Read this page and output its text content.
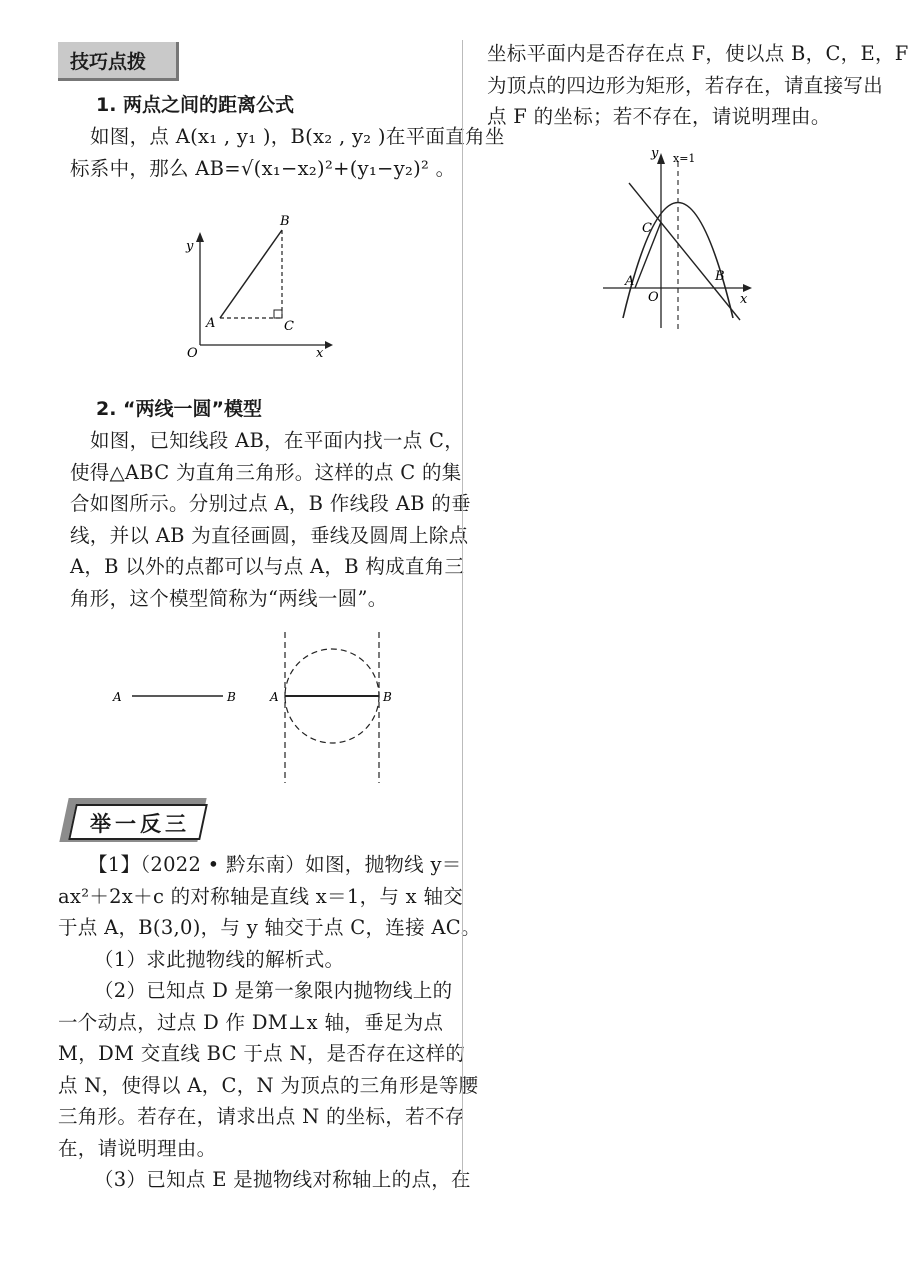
技巧点拨
1. 两点之间的距离公式
如图，点 A(x₁ , y₁ )，B(x₂ , y₂ )在平面直角坐
标系中，那么 AB=√(x₁−x₂)²+(y₁−y₂)² 。
B
y
A	C
O	x
2. “两线一圆”模型
如图，已知线段 AB，在平面内找一点 C，
使得△ABC 为直角三角形。这样的点 C 的集
合如图所示。分别过点 A，B 作线段 AB 的垂
线，并以 AB 为直径画圆，垂线及圆周上除点
A，B 以外的点都可以与点 A，B 构成直角三
角形，这个模型简称为“两线一圆”。
A	B	A	B
举一反三
【1】（2022 • 黔东南）如图，抛物线 y＝
ax²＋2x＋c 的对称轴是直线 x＝1，与 x 轴交
于点 A，B(3,0)，与 y 轴交于点 C，连接 AC。
（1）求此抛物线的解析式。
（2）已知点 D 是第一象限内抛物线上的
一个动点，过点 D 作 DM⊥x 轴，垂足为点
M，DM 交直线 BC 于点 N，是否存在这样的
点 N，使得以 A，C，N 为顶点的三角形是等腰
三角形。若存在，请求出点 N 的坐标，若不存
在，请说明理由。
（3）已知点 E 是抛物线对称轴上的点，在
坐标平面内是否存在点 F，使以点 B，C，E，F
为顶点的四边形为矩形，若存在，请直接写出
点 F 的坐标；若不存在，请说明理由。
y x=1
C
A
O
B
x
